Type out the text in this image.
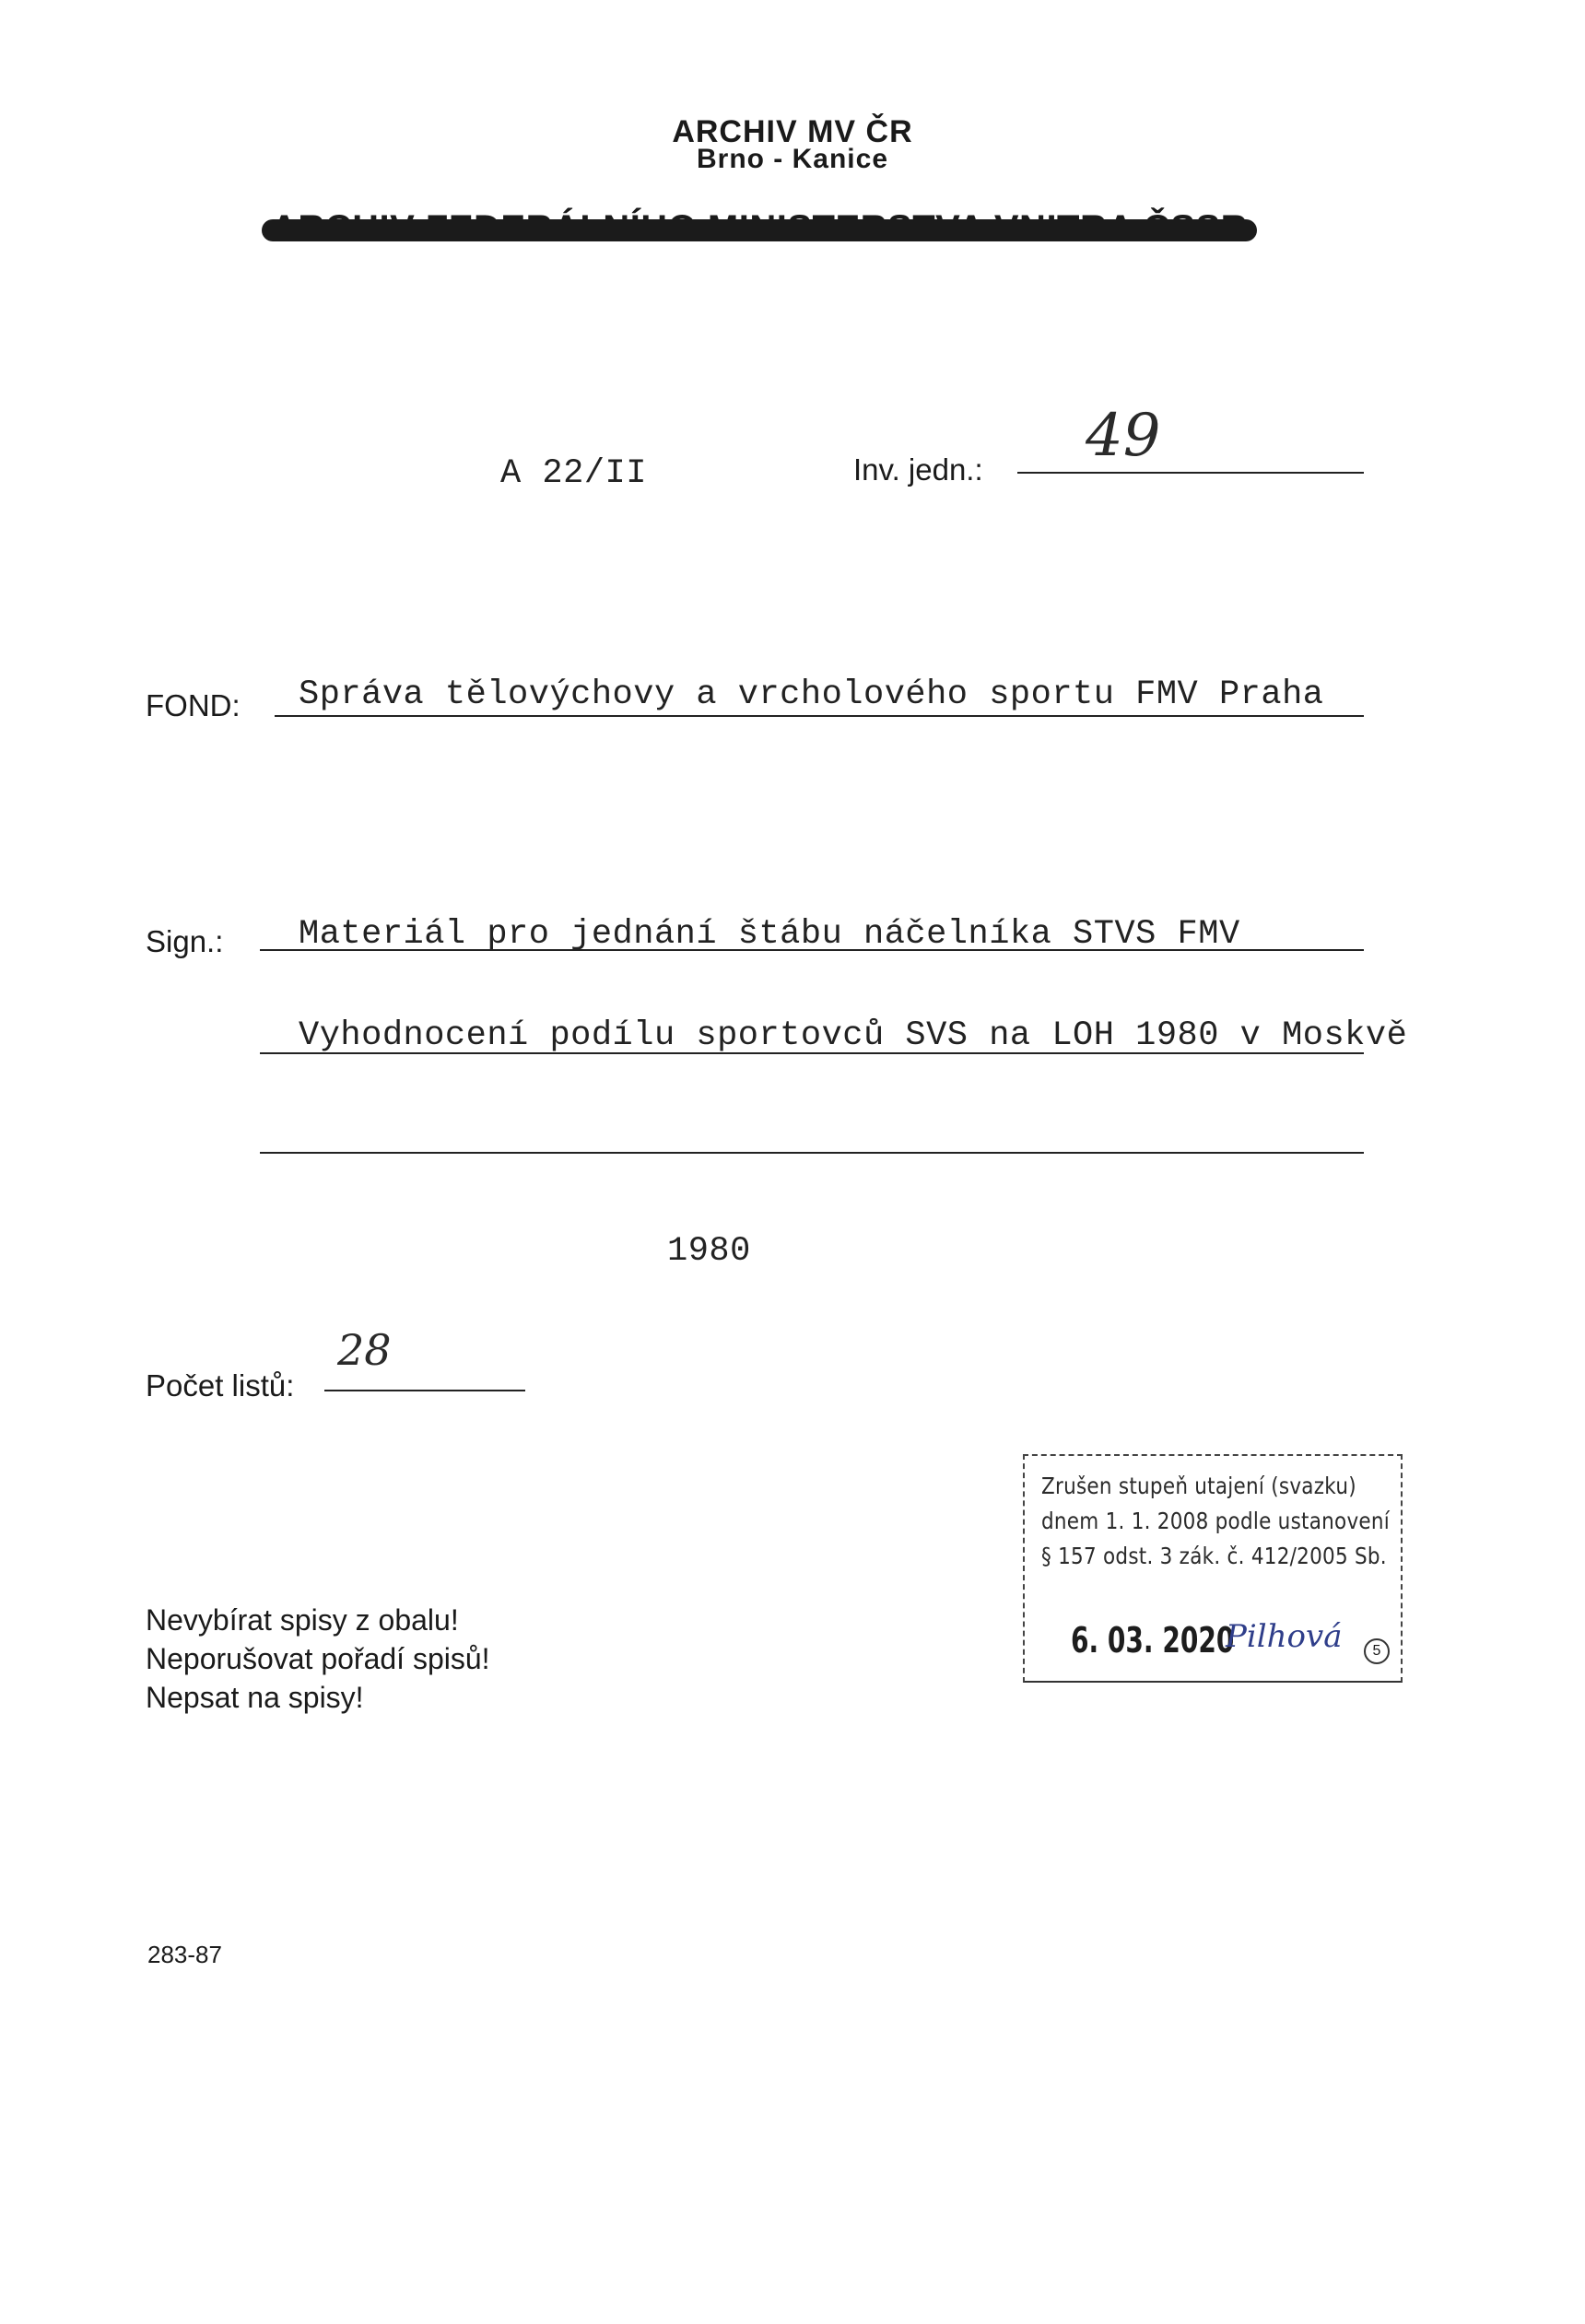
ARCHIV MV ČR
Brno - Kanice
A 22/II	Inv. jedn.: 49
FOND: Správa tělovýchovy a vrcholového sportu FMV Praha
Sign.: Materiál pro jednání štábu náčelníka STVS FMV
Vyhodnocení podílu sportovců SVS na LOH 1980 v Moskvě
1980
Počet listů:
28
Zrušen stupeň utajení (svazku)
dnem 1. 1. 2008 podle ustanovení
§ 157 odst. 3 zák. č. 412/2005 Sb.
6. 03. 2020
Pilhová	5
Nevybírat spisy z obalu!
Neporušovat pořadí spisů!
Nepsat na spisy!
283-87
